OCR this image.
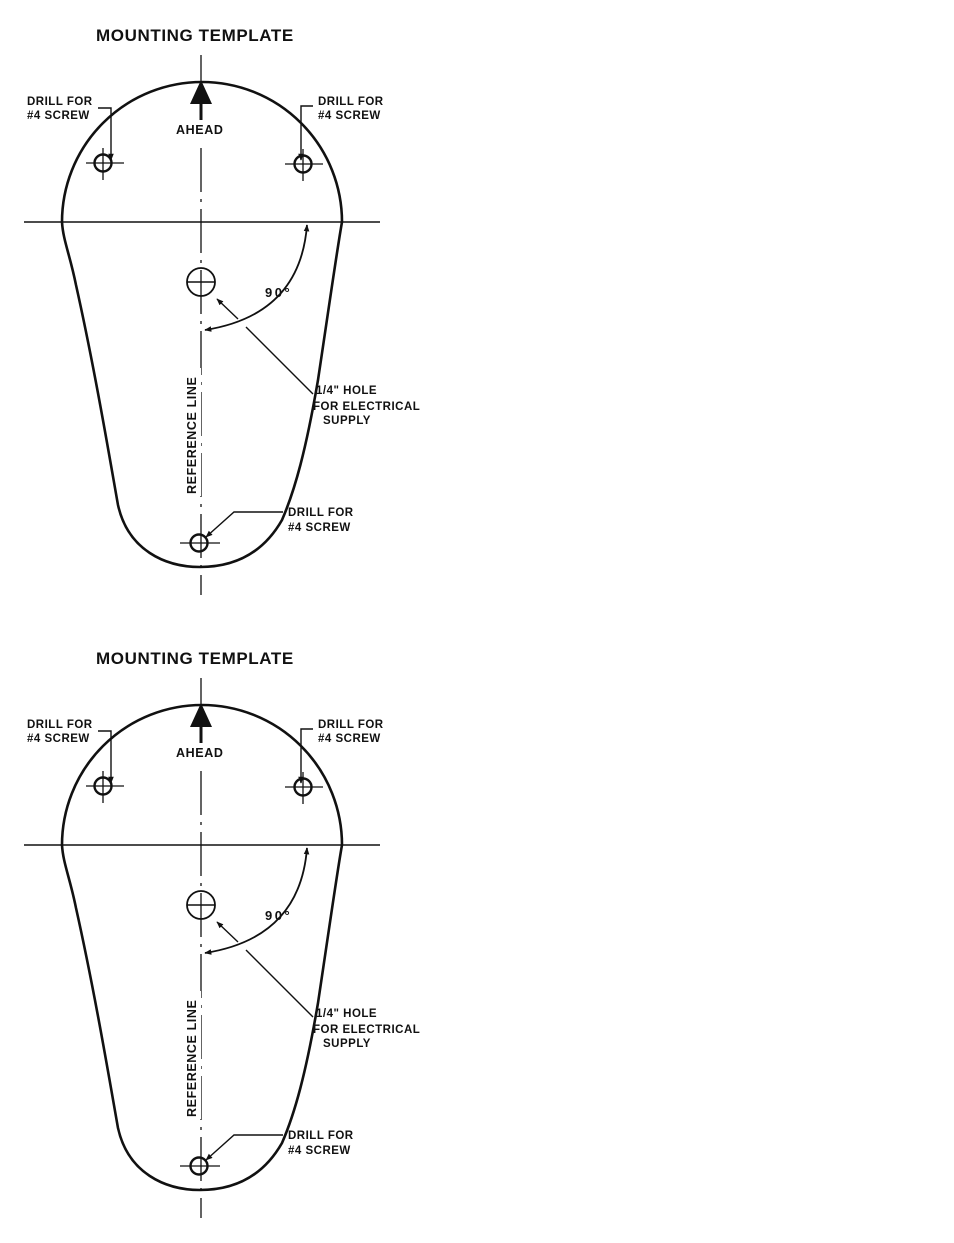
MOUNTING TEMPLATE
AHEAD
REFERENCE LINE
DRILL FOR
#4 SCREW
DRILL FOR
#4 SCREW
90°
1/4" HOLE
FOR ELECTRICAL
SUPPLY
DRILL FOR
#4 SCREW
MOUNTING TEMPLATE
AHEAD
REFERENCE LINE
DRILL FOR
#4 SCREW
DRILL FOR
#4 SCREW
90°
1/4" HOLE
FOR ELECTRICAL
SUPPLY
DRILL FOR
#4 SCREW
